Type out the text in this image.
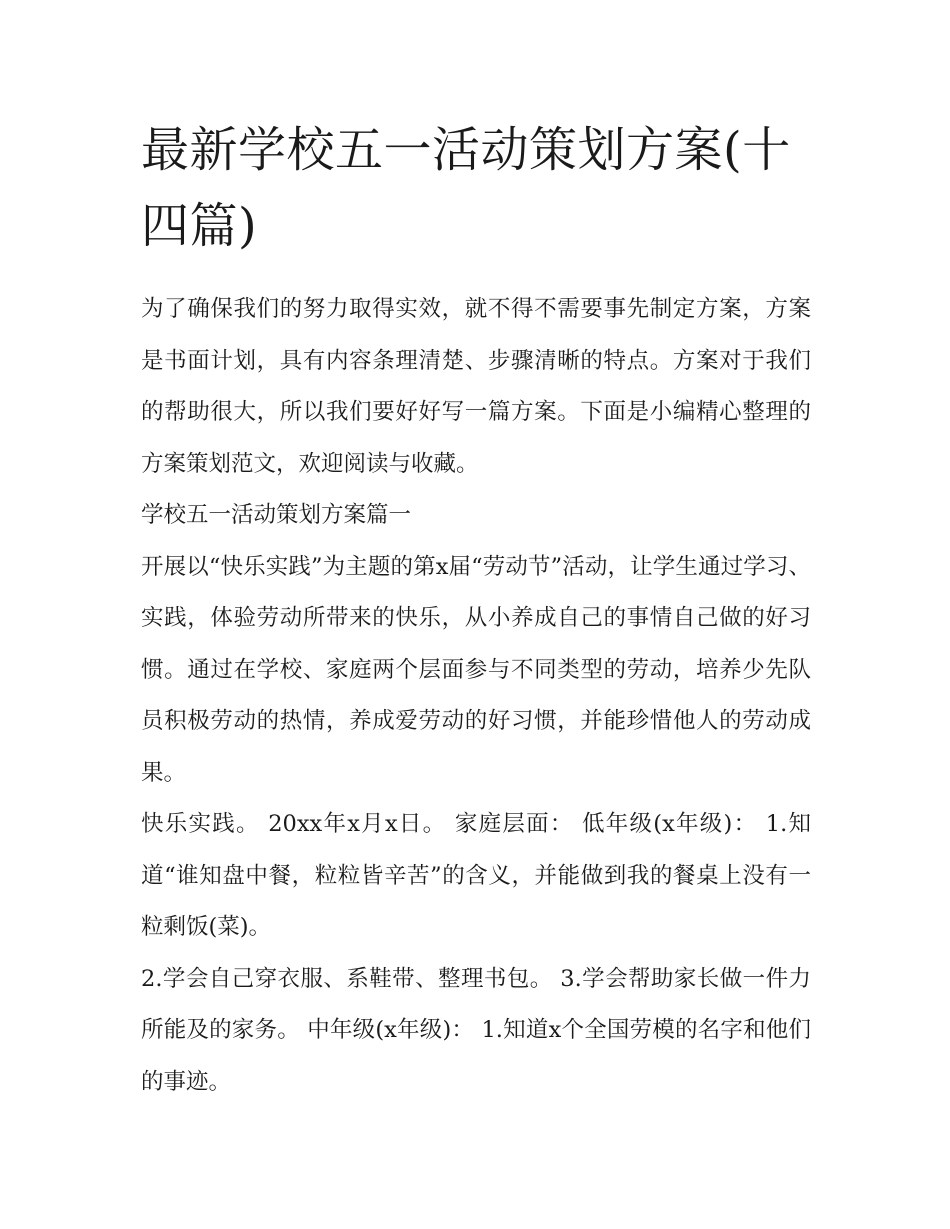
最新学校五一活动策划方案(十四篇)

为了确保我们的努力取得实效，就不得不需要事先制定方案，方案是书面计划，具有内容条理清楚、步骤清晰的特点。方案对于我们的帮助很大，所以我们要好好写一篇方案。下面是小编精心整理的方案策划范文，欢迎阅读与收藏。

学校五一活动策划方案篇一

开展以“快乐实践”为主题的第x届“劳动节”活动，让学生通过学习、实践，体验劳动所带来的快乐，从小养成自己的事情自己做的好习惯。通过在学校、家庭两个层面参与不同类型的劳动，培养少先队员积极劳动的热情，养成爱劳动的好习惯，并能珍惜他人的劳动成果。

快乐实践。 20xx年x月x日。 家庭层面： 低年级(x年级)： 1.知道“谁知盘中餐，粒粒皆辛苦”的含义，并能做到我的餐桌上没有一粒剩饭(菜)。

2.学会自己穿衣服、系鞋带、整理书包。 3.学会帮助家长做一件力所能及的家务。 中年级(x年级)： 1.知道x个全国劳模的名字和他们的事迹。
